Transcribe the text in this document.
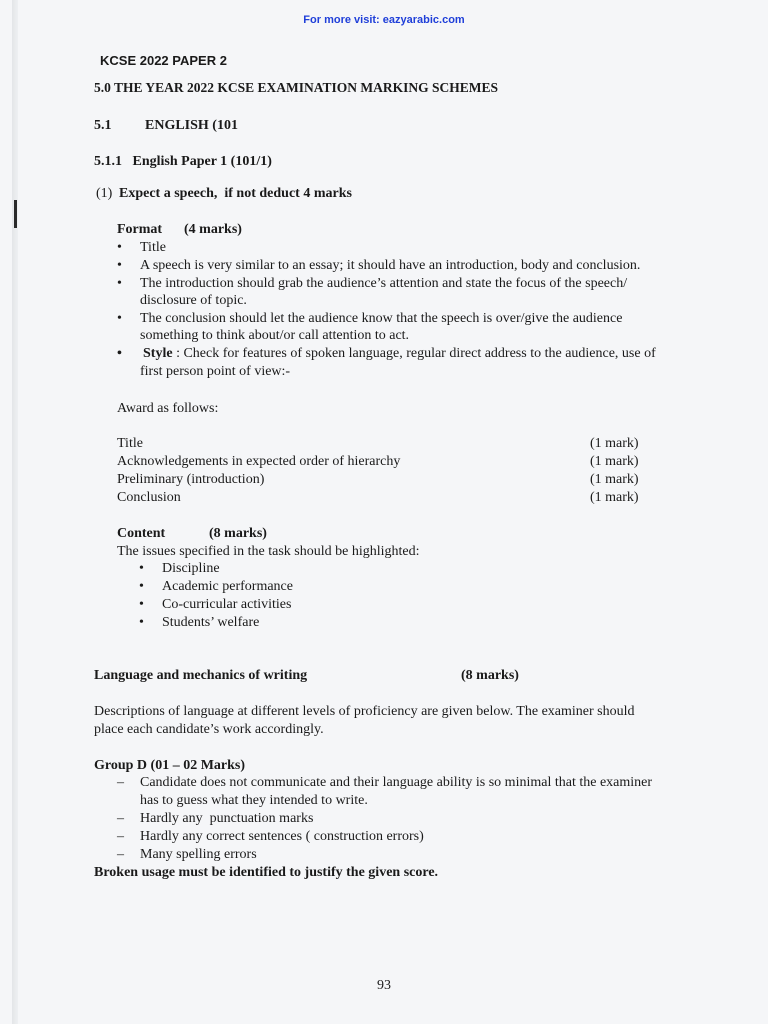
For more visit: eazyarabic.com
KCSE 2022 PAPER 2
5.0 THE YEAR 2022 KCSE EXAMINATION MARKING SCHEMES
5.1 ENGLISH (101
5.1.1   English Paper 1 (101/1)
(1) Expect a speech,  if not deduct 4 marks
Format (4 marks)
• Title
• A speech is very similar to an essay; it should have an introduction, body and conclusion.
• The introduction should grab the audience’s attention and state the focus of the speech/
disclosure of topic.
• The conclusion should let the audience know that the speech is over/give the audience
something to think about/or call attention to act.
• Style : Check for features of spoken language, regular direct address to the audience, use of
first person point of view:-
Award as follows:
Title	(1 mark)
Acknowledgements in expected order of hierarchy	(1 mark)
Preliminary (introduction)	(1 mark)
Conclusion	(1 mark)
Content	(8 marks)
The issues specified in the task should be highlighted:
• Discipline
• Academic performance
• Co-curricular activities
• Students’ welfare
Language and mechanics of writing	(8 marks)
Descriptions of language at different levels of proficiency are given below. The examiner should
place each candidate’s work accordingly.
Group D (01 – 02 Marks)
– Candidate does not communicate and their language ability is so minimal that the examiner
has to guess what they intended to write.
– Hardly any  punctuation marks
– Hardly any correct sentences ( construction errors)
– Many spelling errors
Broken usage must be identified to justify the given score.
93
